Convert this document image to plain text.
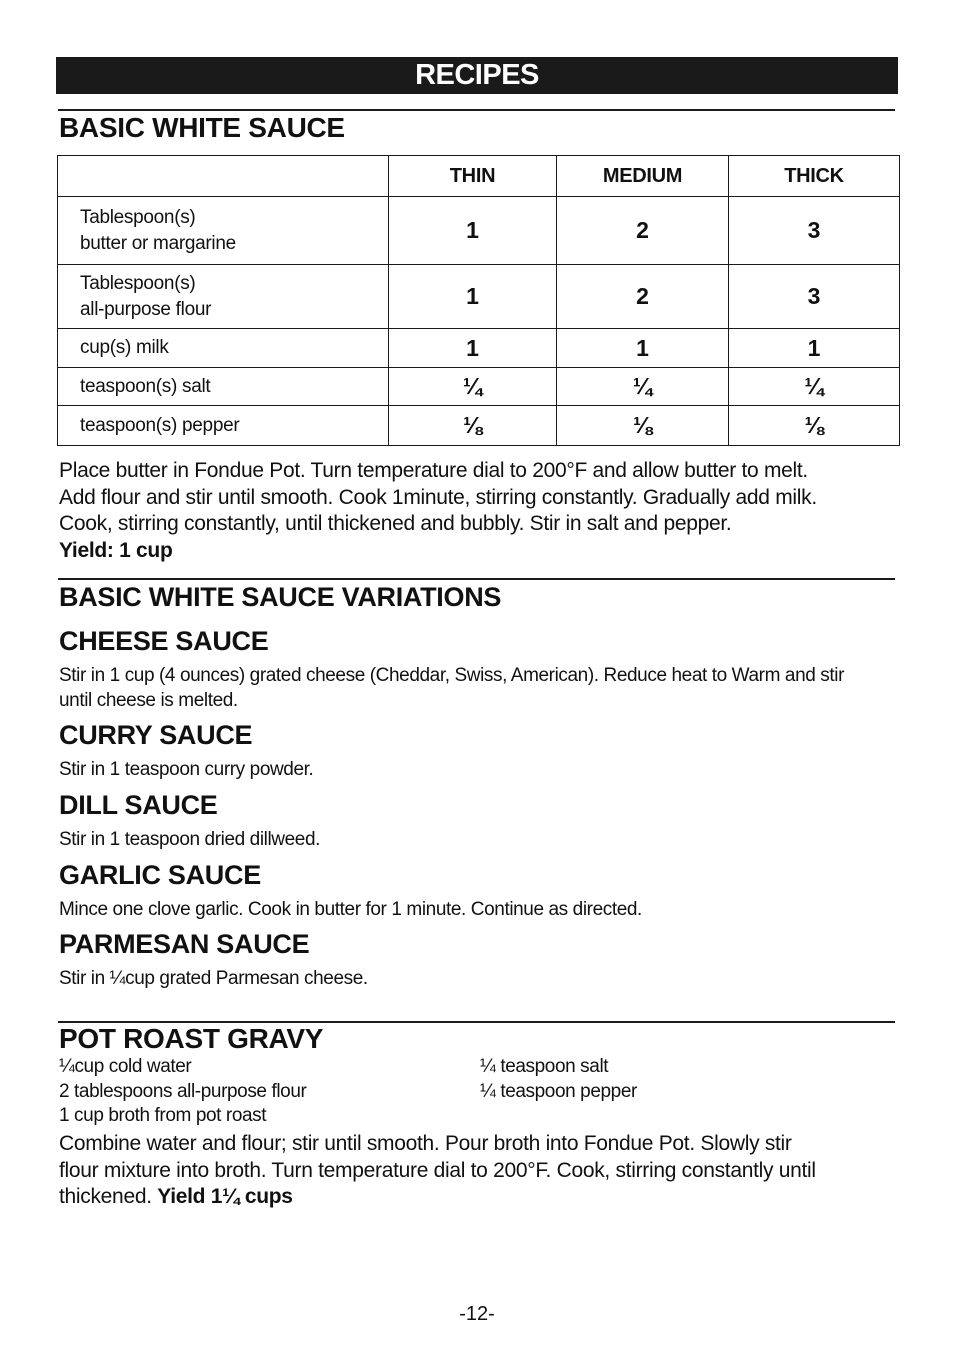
RECIPES
BASIC WHITE SAUCE
	THIN	MEDIUM	THICK

Tablespoon(s)
butter or margarine	1	2	3

Tablespoon(s)
all-purpose flour	1	2	3
cup(s) milk	1	1	1
teaspoon(s) salt	¼	¼	¼
teaspoon(s) pepper	⅛	⅛	⅛
Place butter in Fondue Pot. Turn temperature dial to 200°F and allow butter to melt.
Add flour and stir until smooth. Cook 1minute, stirring constantly. Gradually add milk.
Cook, stirring constantly, until thickened and bubbly. Stir in salt and pepper.
Yield: 1 cup
BASIC WHITE SAUCE VARIATIONS
CHEESE SAUCE
Stir in 1 cup (4 ounces) grated cheese (Cheddar, Swiss, American). Reduce heat to Warm and stir
until cheese is melted.
CURRY SAUCE
Stir in 1 teaspoon curry powder.
DILL SAUCE
Stir in 1 teaspoon dried dillweed.
GARLIC SAUCE
Mince one clove garlic. Cook in butter for 1 minute. Continue as directed.
PARMESAN SAUCE
Stir in ¼cup grated Parmesan cheese.
POT ROAST GRAVY
¼cup cold water
2 tablespoons all-purpose flour
1 cup broth from pot roast
¼ teaspoon salt
¼ teaspoon pepper
Combine water and flour; stir until smooth. Pour broth into Fondue Pot. Slowly stir
flour mixture into broth. Turn temperature dial to 200°F. Cook, stirring constantly until
thickened. Yield 1¼ cups
-12-
